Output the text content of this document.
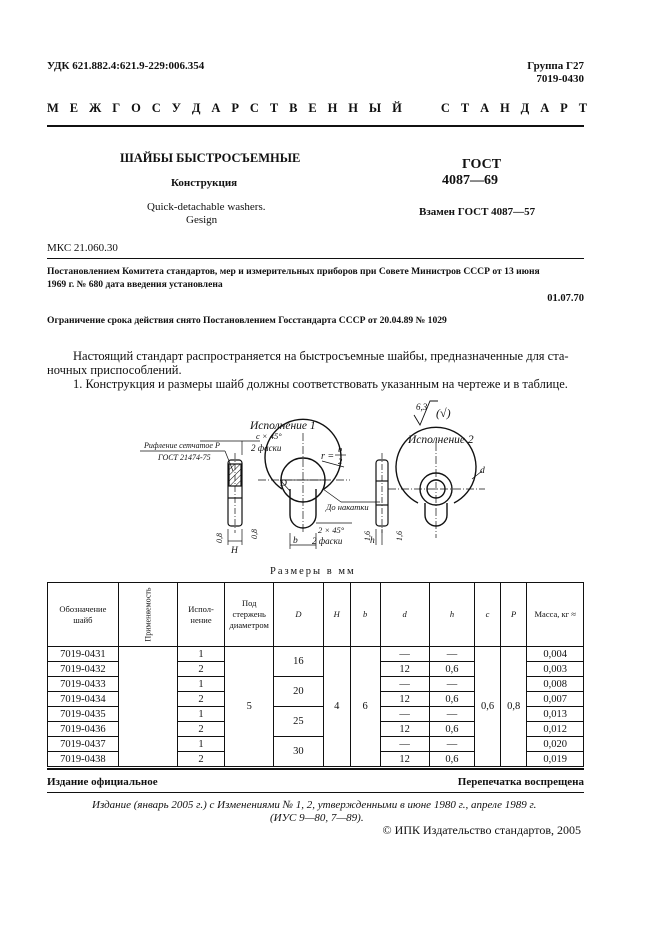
УДК 621.882.4:621.9-229:006.354	Группа Г27
7019-0430
М Е Ж Г О С У Д А Р С Т В Е Н Н Ы Й     С Т А Н Д А Р Т
ШАЙБЫ БЫСТРОСЪЕМНЫЕ
Конструкция
Quick-detachable washers.
Gesign
ГОСТ
4087—69
Взамен ГОСТ 4087—57
МКС 21.060.30
Постановлением Комитета стандартов, мер и измерительных приборов при Совете Министров СССР от 13 июня
1969 г. № 680 дата введения установлена
01.07.70
Ограничение срока действия снято Постановлением Госстандарта СССР от 20.04.89 № 1029
Настоящий стандарт распространяется на быстросъемные шайбы, предназначенные для ста-
ночных приспособлений.
1. Конструкция и размеры шайб должны соответствовать указанным на чертеже и в таблице.
Исполнение 1
Исполнение 2
Рифление сетчатое P
ГОСТ 21474-75
c × 45°
2 фаски
r =
b
2
До накатки
2 × 45°
2 фаски
6,3 (√)
D
H
b	h
d
0,8	0,8	1,6	1,6
Размеры в мм
Обозначение шайб	Применяемость	Испол- нение	Под стержень диаметром	D	H	b	d	h	c	P	Масса, кг ≈
7019-0431		1	5	16	4	6	—	—	0,6	0,8	0,004
7019-0432		2					12	0,6			0,003
7019-0433		1		20			—	—			0,008
7019-0434		2					12	0,6			0,007
7019-0435		1		25			—	—			0,013
7019-0436		2					12	0,6			0,012
7019-0437		1		30			—	—			0,020
7019-0438		2					12	0,6			0,019
Издание официальное	Перепечатка воспрещена
Издание (январь 2005 г.) с Изменениями № 1, 2, утвержденными в июне 1980 г., апреле 1989 г.
(ИУС 9—80, 7—89).
© ИПК Издательство стандартов, 2005
